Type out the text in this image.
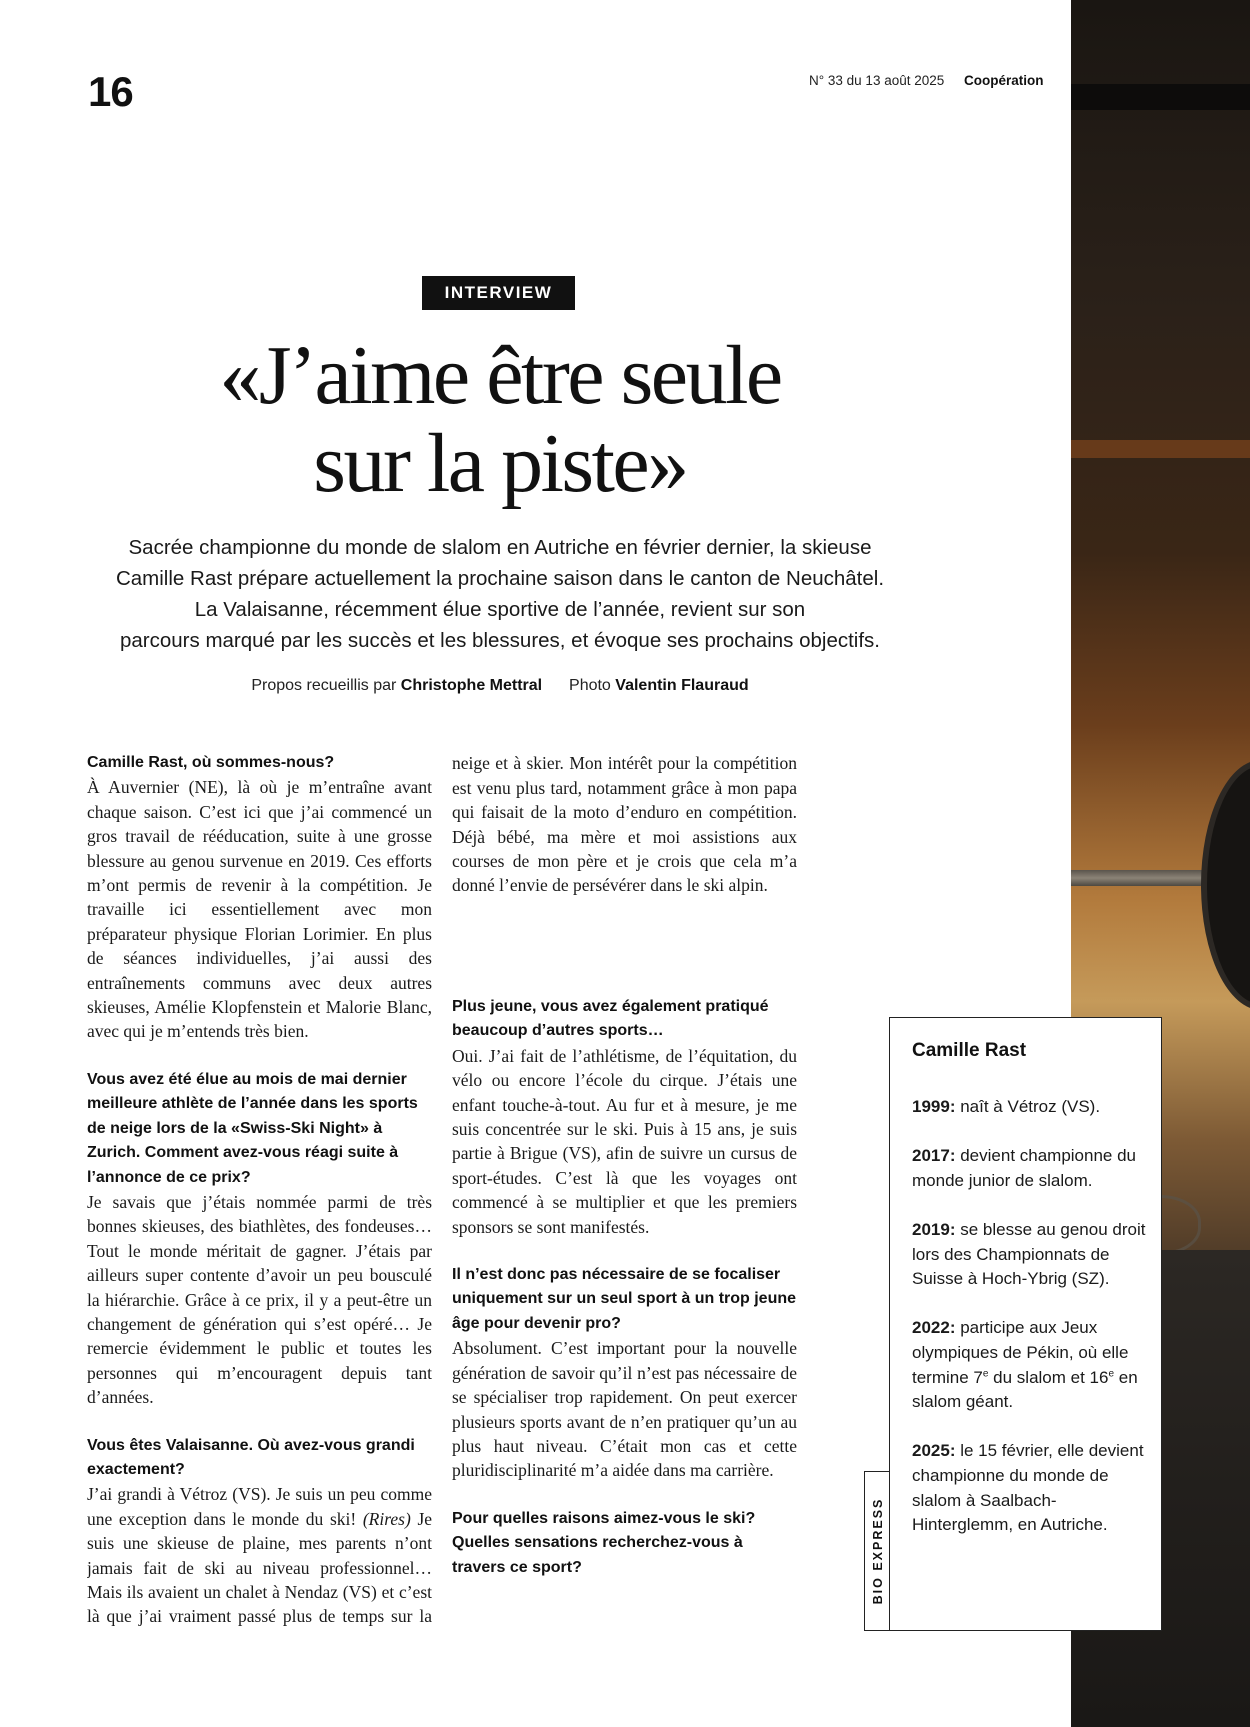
16	N° 33 du 13 août 2025 Coopération
INTERVIEW
«J’aime être seule
sur la piste»
Sacrée championne du monde de slalom en Autriche en février dernier, la skieuse
Camille Rast prépare actuellement la prochaine saison dans le canton de Neuchâtel.
La Valaisanne, récemment élue sportive de l’année, revient sur son
parcours marqué par les succès et les blessures, et évoque ses prochains objectifs.
Propos recueillis par Christophe Mettral Photo Valentin Flauraud
Camille Rast, où sommes-nous?
À Auvernier (NE), là où je m’entraîne avant chaque saison. C’est ici que j’ai commencé un gros travail de rééducation, suite à une grosse blessure au genou survenue en 2019. Ces efforts m’ont permis de revenir à la compétition. Je travaille ici essentiellement avec mon préparateur physique Florian Lorimier. En plus de séances individuelles, j’ai aussi des entraînements communs avec deux autres skieuses, Amélie Klopfenstein et Malorie Blanc, avec qui je m’entends très bien.
Vous avez été élue au mois de mai dernier meilleure athlète de l’année dans les sports de neige lors de la «Swiss-Ski Night» à Zurich. Comment avez-vous réagi suite à l’annonce de ce prix?
Je savais que j’étais nommée parmi de très bonnes skieuses, des biathlètes, des fondeuses… Tout le monde méritait de gagner. J’étais par ailleurs super contente d’avoir un peu bousculé la hiérarchie. Grâce à ce prix, il y a peut-être un changement de génération qui s’est opéré… Je remercie évidemment le public et toutes les personnes qui m’encouragent depuis tant d’années.
Vous êtes Valaisanne. Où avez-vous grandi exactement?
J’ai grandi à Vétroz (VS). Je suis un peu comme une exception dans le monde du ski! (Rires) Je suis une skieuse de plaine, mes parents n’ont jamais fait de ski au niveau professionnel… Mais ils avaient un chalet à Nendaz (VS) et c’est là que j’ai vraiment passé plus de temps sur la
neige et à skier. Mon intérêt pour la compétition est venu plus tard, notamment grâce à mon papa qui faisait de la moto d’enduro en compétition. Déjà bébé, ma mère et moi assistions aux courses de mon père et je crois que cela m’a donné l’envie de persévérer dans le ski alpin.
Plus jeune, vous avez également pratiqué beaucoup d’autres sports…
Oui. J’ai fait de l’athlétisme, de l’équitation, du vélo ou encore l’école du cirque. J’étais une enfant touche-à-tout. Au fur et à mesure, je me suis concentrée sur le ski. Puis à 15 ans, je suis partie à Brigue (VS), afin de suivre un cursus de sport-études. C’est là que les voyages ont commencé à se multiplier et que les premiers sponsors se sont manifestés.
Il n’est donc pas nécessaire de se focaliser uniquement sur un seul sport à un trop jeune âge pour devenir pro?
Absolument. C’est important pour la nouvelle génération de savoir qu’il n’est pas nécessaire de se spécialiser trop rapidement. On peut exercer plusieurs sports avant de n’en pratiquer qu’un au plus haut niveau. C’était mon cas et cette pluridisciplinarité m’a aidée dans ma carrière.
Pour quelles raisons aimez-vous le ski? Quelles sensations recherchez-vous à travers ce sport?	BIO EXPRESS
Camille Rast
1999: naît à Vétroz (VS).
2017: devient championne du monde junior de slalom.
2019: se blesse au genou droit lors des Championnats de Suisse à Hoch-Ybrig (SZ).
2022: participe aux Jeux olympiques de Pékin, où elle termine 7e du slalom et 16e en slalom géant.
2025: le 15 février, elle devient championne du monde de slalom à Saalbach-Hinterglemm, en Autriche.
